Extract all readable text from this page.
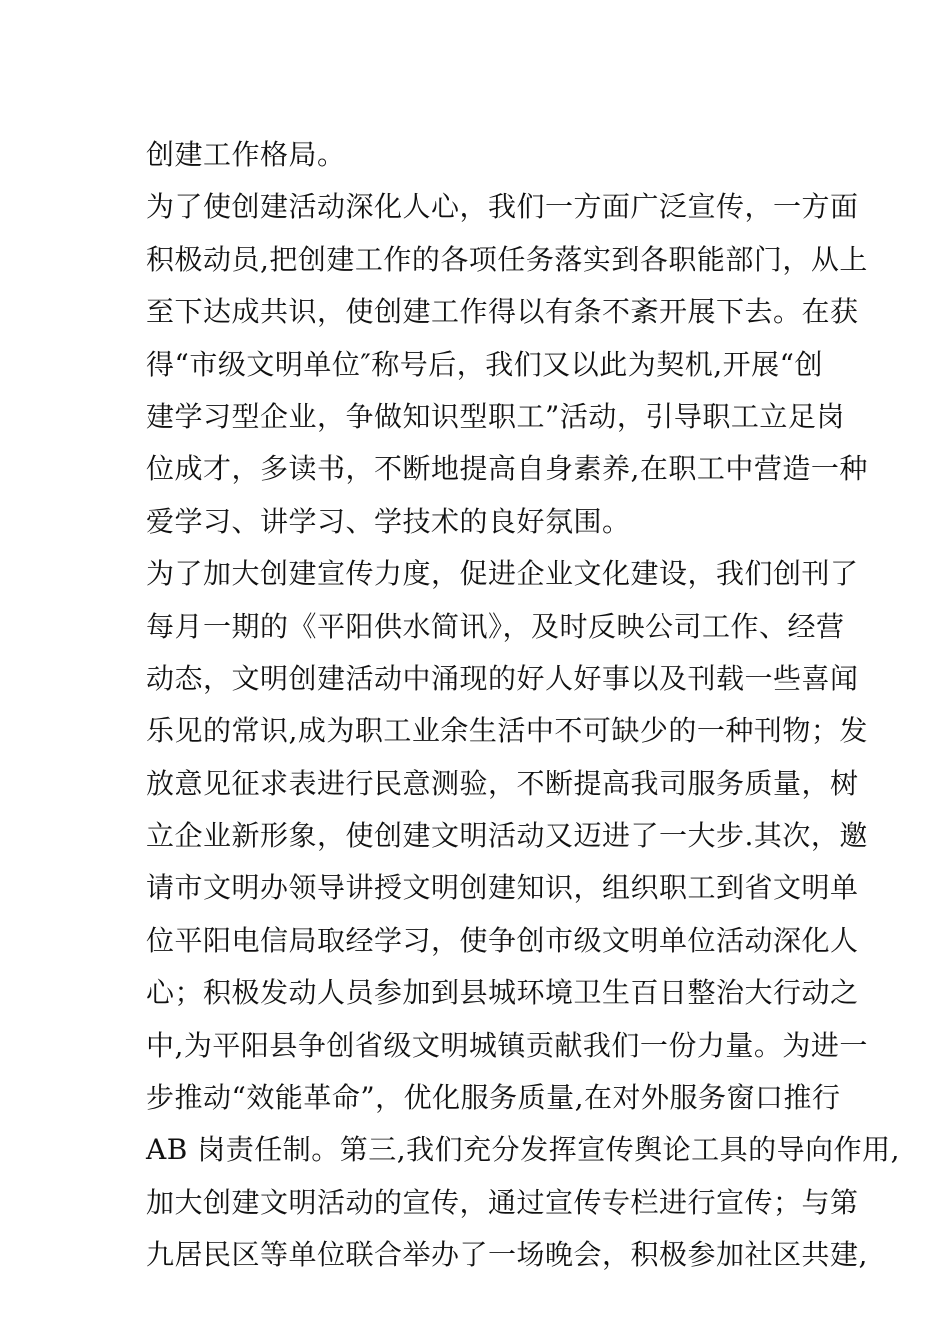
创建工作格局。
为了使创建活动深化人心，我们一方面广泛宣传，一方面
积极动员,把创建工作的各项任务落实到各职能部门，从上
至下达成共识，使创建工作得以有条不紊开展下去。在获
得“市级文明单位″称号后，我们又以此为契机,开展“创
建学习型企业，争做知识型职工”活动，引导职工立足岗
位成才，多读书，不断地提高自身素养,在职工中营造一种
爱学习、讲学习、学技术的良好氛围。
为了加大创建宣传力度，促进企业文化建设，我们创刊了
每月一期的《平阳供水简讯》，及时反映公司工作、经营
动态，文明创建活动中涌现的好人好事以及刊载一些喜闻
乐见的常识,成为职工业余生活中不可缺少的一种刊物；发
放意见征求表进行民意测验，不断提高我司服务质量，树
立企业新形象，使创建文明活动又迈进了一大步.其次，邀
请市文明办领导讲授文明创建知识，组织职工到省文明单
位平阳电信局取经学习，使争创市级文明单位活动深化人
心；积极发动人员参加到县城环境卫生百日整治大行动之
中,为平阳县争创省级文明城镇贡献我们一份力量。为进一
步推动“效能革命”，优化服务质量,在对外服务窗口推行
AB 岗责任制。第三,我们充分发挥宣传舆论工具的导向作用,
加大创建文明活动的宣传，通过宣传专栏进行宣传；与第
九居民区等单位联合举办了一场晚会，积极参加社区共建,
